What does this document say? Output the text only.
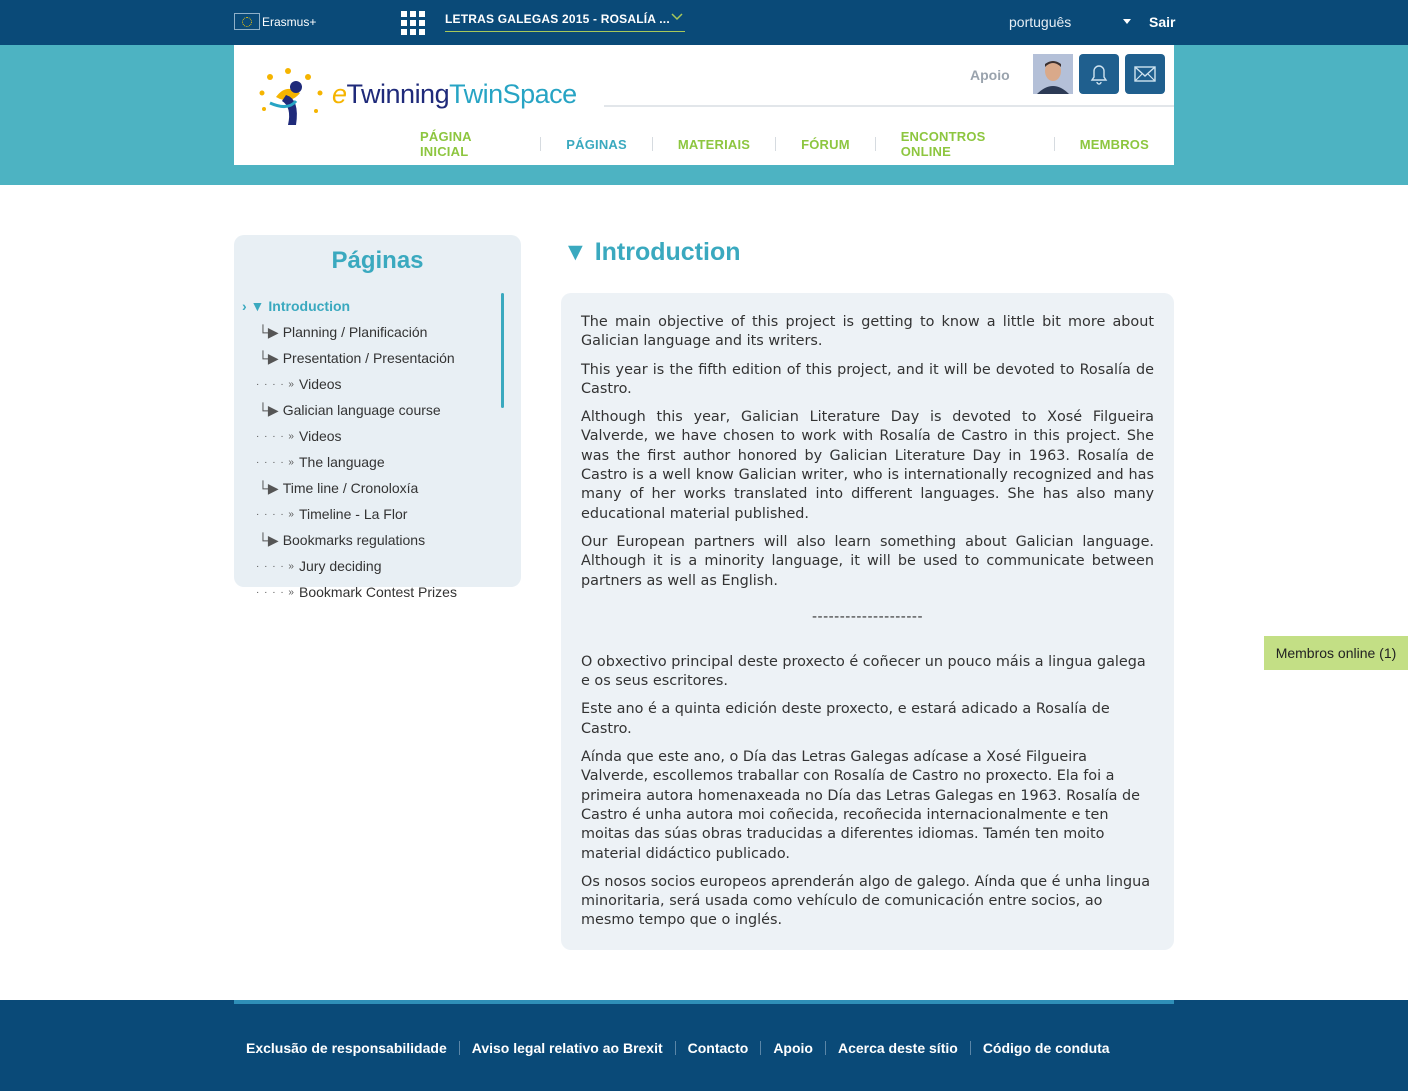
Erasmus+	LETRAS GALEGAS 2015 - ROSALÍA ...	português	Sair
eTwinningTwinSpace
Apoio
PÁGINA INICIAL	PÁGINAS	MATERIAIS	FÓRUM	ENCONTROS ONLINE	MEMBROS
Páginas
› ▼ Introduction
└▶ Planning / Planificación
└▶ Presentation / Presentación
· · · · » Videos
└▶ Galician language course
· · · · » Videos
· · · · » The language
└▶ Time line / Cronoloxía
· · · · » Timeline - La Flor
└▶ Bookmarks regulations
· · · · » Jury deciding
· · · · » Bookmark Contest Prizes
▼ Introduction

The main objective of this project is getting to know a little bit more about Galician language and its writers.

This year is the fifth edition of this project, and it will be devoted to Rosalía de Castro.

Although this year, Galician Literature Day is devoted to Xosé Filgueira Valverde, we have chosen to work with Rosalía de Castro in this project. She was the first author honored by Galician Literature Day in 1963. Rosalía de Castro is a well know Galician writer, who is internationally recognized and has many of her works translated into different languages. She has also many educational material published.

Our European partners will also learn something about Galician language. Although it is a minority language, it will be used to communicate between partners as well as English.

--------------------

O obxectivo principal deste proxecto é coñecer un pouco máis a lingua galega e os seus escritores.

Este ano é a quinta edición deste proxecto, e estará adicado a Rosalía de Castro.

Aínda que este ano, o Día das Letras Galegas adícase a Xosé Filgueira Valverde, escollemos traballar con Rosalía de Castro no proxecto. Ela foi a primeira autora homenaxeada no Día das Letras Galegas en 1963. Rosalía de Castro é unha autora moi coñecida, recoñecida internacionalmente e ten moitas das súas obras traducidas a diferentes idiomas. Tamén ten moito material didáctico publicado.

Os nosos socios europeos aprenderán algo de galego. Aínda que é unha lingua minoritaria, será usada como vehículo de comunicación entre socios, ao mesmo tempo que o inglés.

Membros online (1)
Exclusão de responsabilidade Aviso legal relativo ao Brexit Contacto Apoio Acerca deste sítio Código de conduta
